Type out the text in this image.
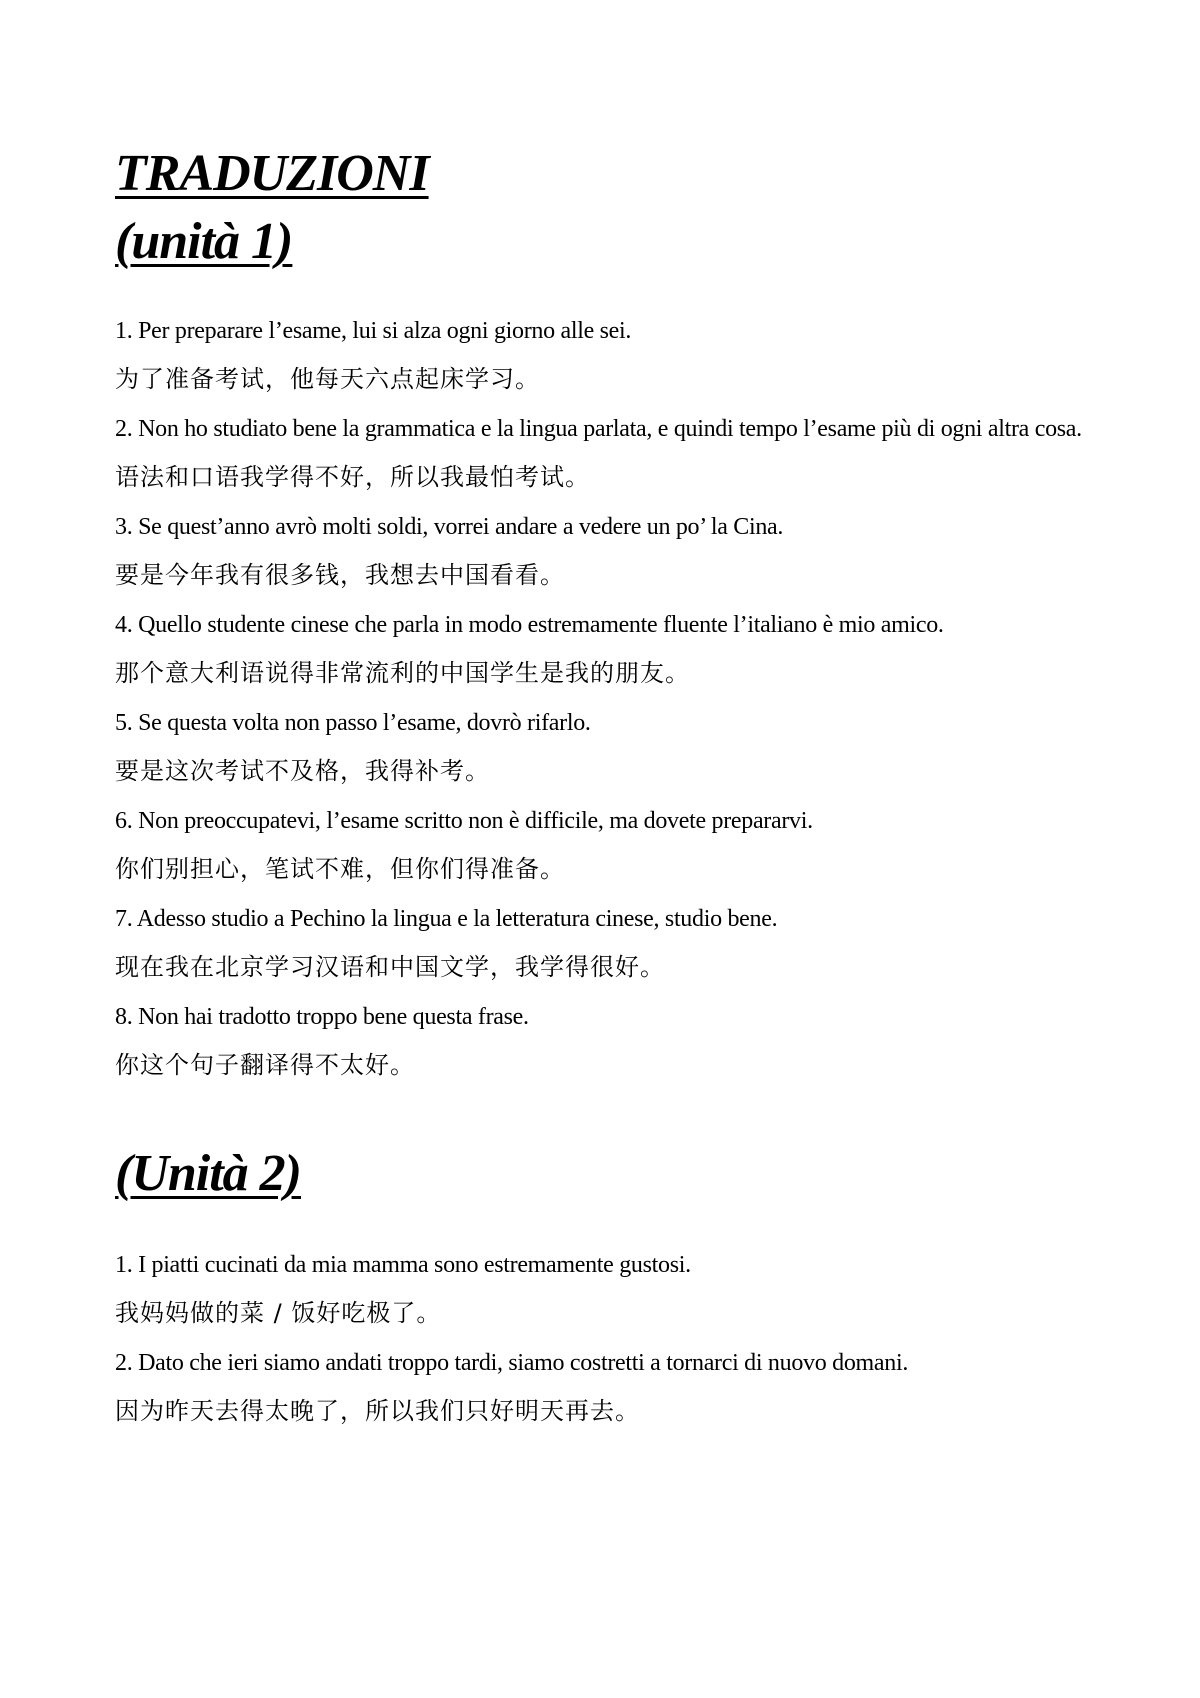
TRADUZIONI
(unità 1)

1. Per preparare l’esame, lui si alza ogni giorno alle sei.

为了准备考试，他每天六点起床学习。

2. Non ho studiato bene la grammatica e la lingua parlata, e quindi tempo l’esame più di ogni altra cosa.

语法和口语我学得不好，所以我最怕考试。

3. Se quest’anno avrò molti soldi, vorrei andare a vedere un po’ la Cina.

要是今年我有很多钱，我想去中国看看。

4. Quello studente cinese che parla in modo estremamente fluente l’italiano è mio amico.

那个意大利语说得非常流利的中国学生是我的朋友。

5. Se questa volta non passo l’esame, dovrò rifarlo.

要是这次考试不及格，我得补考。

6. Non preoccupatevi, l’esame scritto non è difficile, ma dovete prepararvi.

你们别担心，笔试不难，但你们得准备。

7. Adesso studio a Pechino la lingua e la letteratura cinese, studio bene.

现在我在北京学习汉语和中国文学，我学得很好。

8. Non hai tradotto troppo bene questa frase.

你这个句子翻译得不太好。

(Unità 2)

1. I piatti cucinati da mia mamma sono estremamente gustosi.

我妈妈做的菜 / 饭好吃极了。

2. Dato che ieri siamo andati troppo tardi, siamo costretti a tornarci di nuovo domani.

因为昨天去得太晚了，所以我们只好明天再去。
